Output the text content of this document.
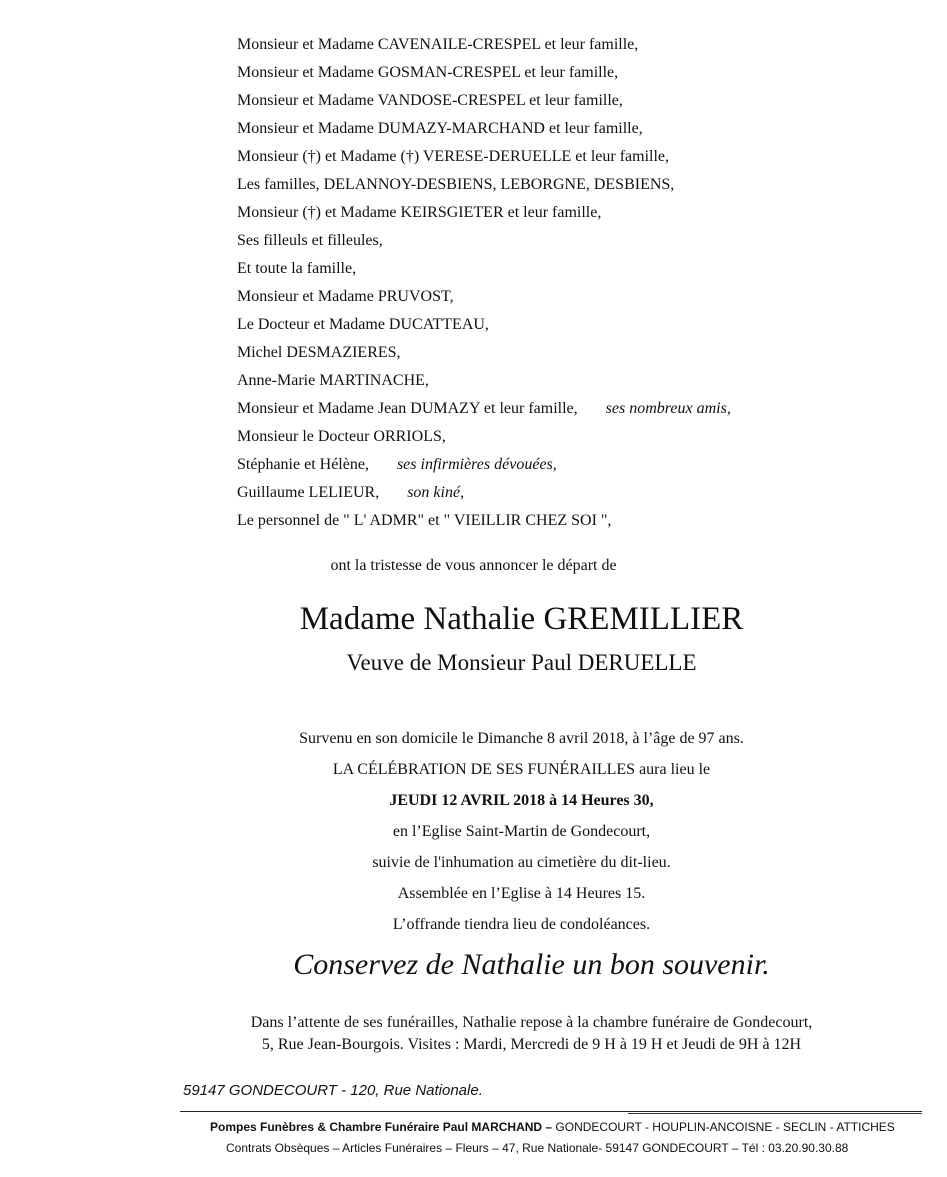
Monsieur et Madame CAVENAILE-CRESPEL et leur famille,
Monsieur et Madame GOSMAN-CRESPEL et leur famille,
Monsieur et Madame VANDOSE-CRESPEL et leur famille,
Monsieur et Madame DUMAZY-MARCHAND et leur famille,
Monsieur (†) et Madame (†) VERESE-DERUELLE et leur famille,
Les familles, DELANNOY-DESBIENS, LEBORGNE, DESBIENS,
Monsieur (†) et Madame KEIRSGIETER et leur famille,
Ses filleuls et filleules,
Et toute la famille,
Monsieur et Madame PRUVOST,
Le Docteur et Madame DUCATTEAU,
Michel DESMAZIERES,
Anne-Marie MARTINACHE,
Monsieur et Madame Jean DUMAZY et leur famille, ses nombreux amis,
Monsieur le Docteur ORRIOLS,
Stéphanie et Hélène, ses infirmières dévouées,
Guillaume LELIEUR, son kiné,
Le personnel de " L' ADMR" et " VIEILLIR CHEZ SOI ",
ont la tristesse de vous annoncer le départ de
Madame Nathalie GREMILLIER
Veuve de Monsieur Paul DERUELLE
Survenu en son domicile le Dimanche 8 avril 2018, à l’âge de 97 ans.
LA CÉLÉBRATION DE SES FUNÉRAILLES aura lieu le
JEUDI 12 AVRIL 2018 à 14 Heures 30,
en l’Eglise Saint-Martin de Gondecourt,
suivie de l'inhumation au cimetière du dit-lieu.
Assemblée en l’Eglise à 14 Heures 15.
L’offrande tiendra lieu de condoléances.
Conservez de Nathalie un bon souvenir.
Dans l’attente de ses funérailles, Nathalie repose à la chambre funéraire de Gondecourt,
5, Rue Jean-Bourgois. Visites : Mardi, Mercredi de 9 H à 19 H et Jeudi de 9H à 12H
59147 GONDECOURT - 120, Rue Nationale.
Pompes Funèbres & Chambre Funéraire Paul MARCHAND – GONDECOURT - HOUPLIN-ANCOISNE - SECLIN - ATTICHES
Contrats Obsèques – Articles Funéraires – Fleurs – 47, Rue Nationale- 59147 GONDECOURT – Tél : 03.20.90.30.88
